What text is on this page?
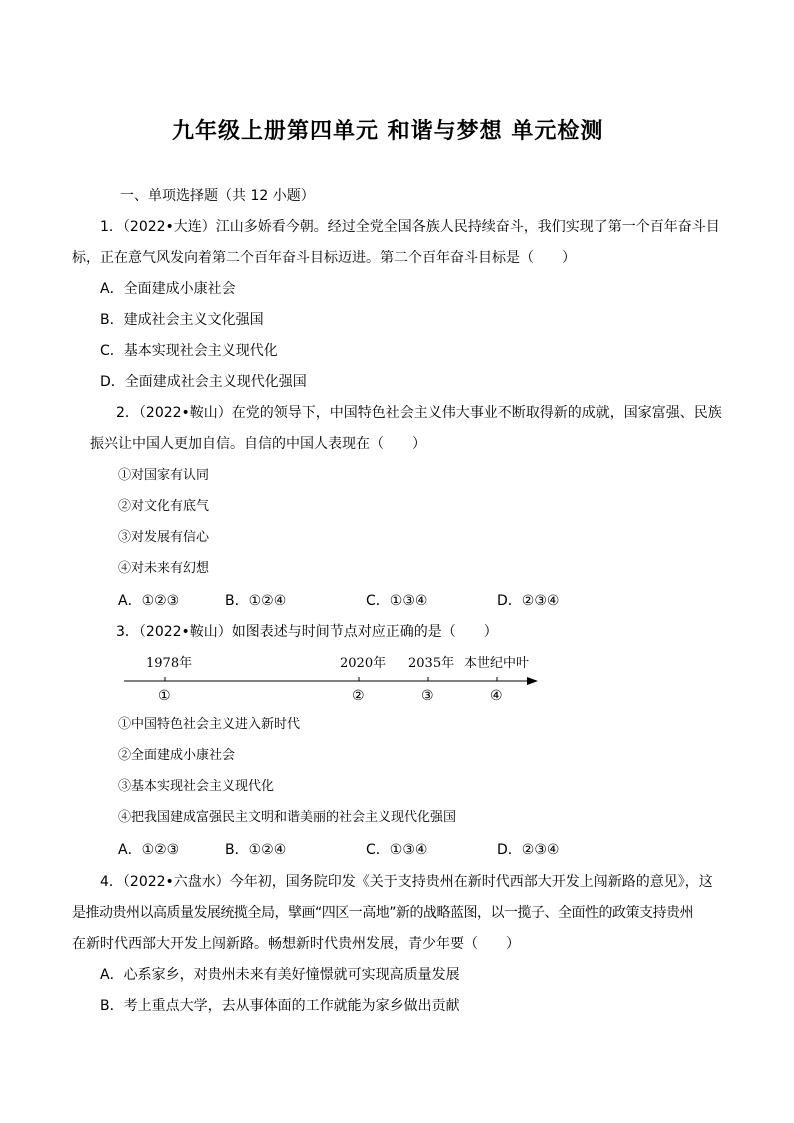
九年级上册第四单元 和谐与梦想 单元检测
一、单项选择题（共 12 小题）
1．（2022•大连）江山多娇看今朝。经过全党全国各族人民持续奋斗，我们实现了第一个百年奋斗目
标，正在意气风发向着第二个百年奋斗目标迈进。第二个百年奋斗目标是（　　）
A．全面建成小康社会
B．建成社会主义文化强国
C．基本实现社会主义现代化
D．全面建成社会主义现代化强国
2．（2022•鞍山）在党的领导下，中国特色社会主义伟大事业不断取得新的成就，国家富强、民族
振兴让中国人更加自信。自信的中国人表现在（　　）
①对国家有认同
②对文化有底气
③对发展有信心
④对未来有幻想
A．①②③	B．①②④	C．①③④	D．②③④
3．（2022•鞍山）如图表述与时间节点对应正确的是（　　）
1978年	2020年 2035年 本世纪中叶
①	②	③	④
①中国特色社会主义进入新时代
②全面建成小康社会
③基本实现社会主义现代化
④把我国建成富强民主文明和谐美丽的社会主义现代化强国
A．①②③	B．①②④	C．①③④	D．②③④
4．（2022•六盘水）今年初，国务院印发《关于支持贵州在新时代西部大开发上闯新路的意见》，这
是推动贵州以高质量发展统揽全局，擘画“四区一高地”新的战略蓝图，以一揽子、全面性的政策支持贵州
在新时代西部大开发上闯新路。畅想新时代贵州发展，青少年要（　　）
A．心系家乡，对贵州未来有美好憧憬就可实现高质量发展
B．考上重点大学，去从事体面的工作就能为家乡做出贡献
